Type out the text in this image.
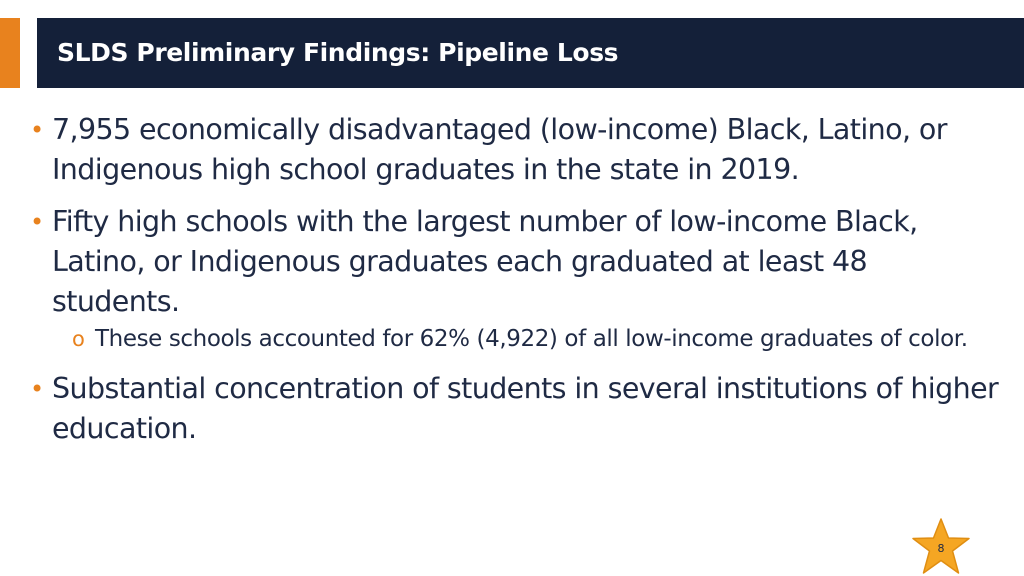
SLDS Preliminary Findings: Pipeline Loss
• 7,955 economically disadvantaged (low-income) Black, Latino, or Indigenous high school graduates in the state in 2019.
• Fifty high schools with the largest number of low-income Black, Latino, or Indigenous graduates each graduated at least 48 students.
o These schools accounted for 62% (4,922) of all low-income graduates of color.
• Substantial concentration of students in several institutions of higher education.
8
